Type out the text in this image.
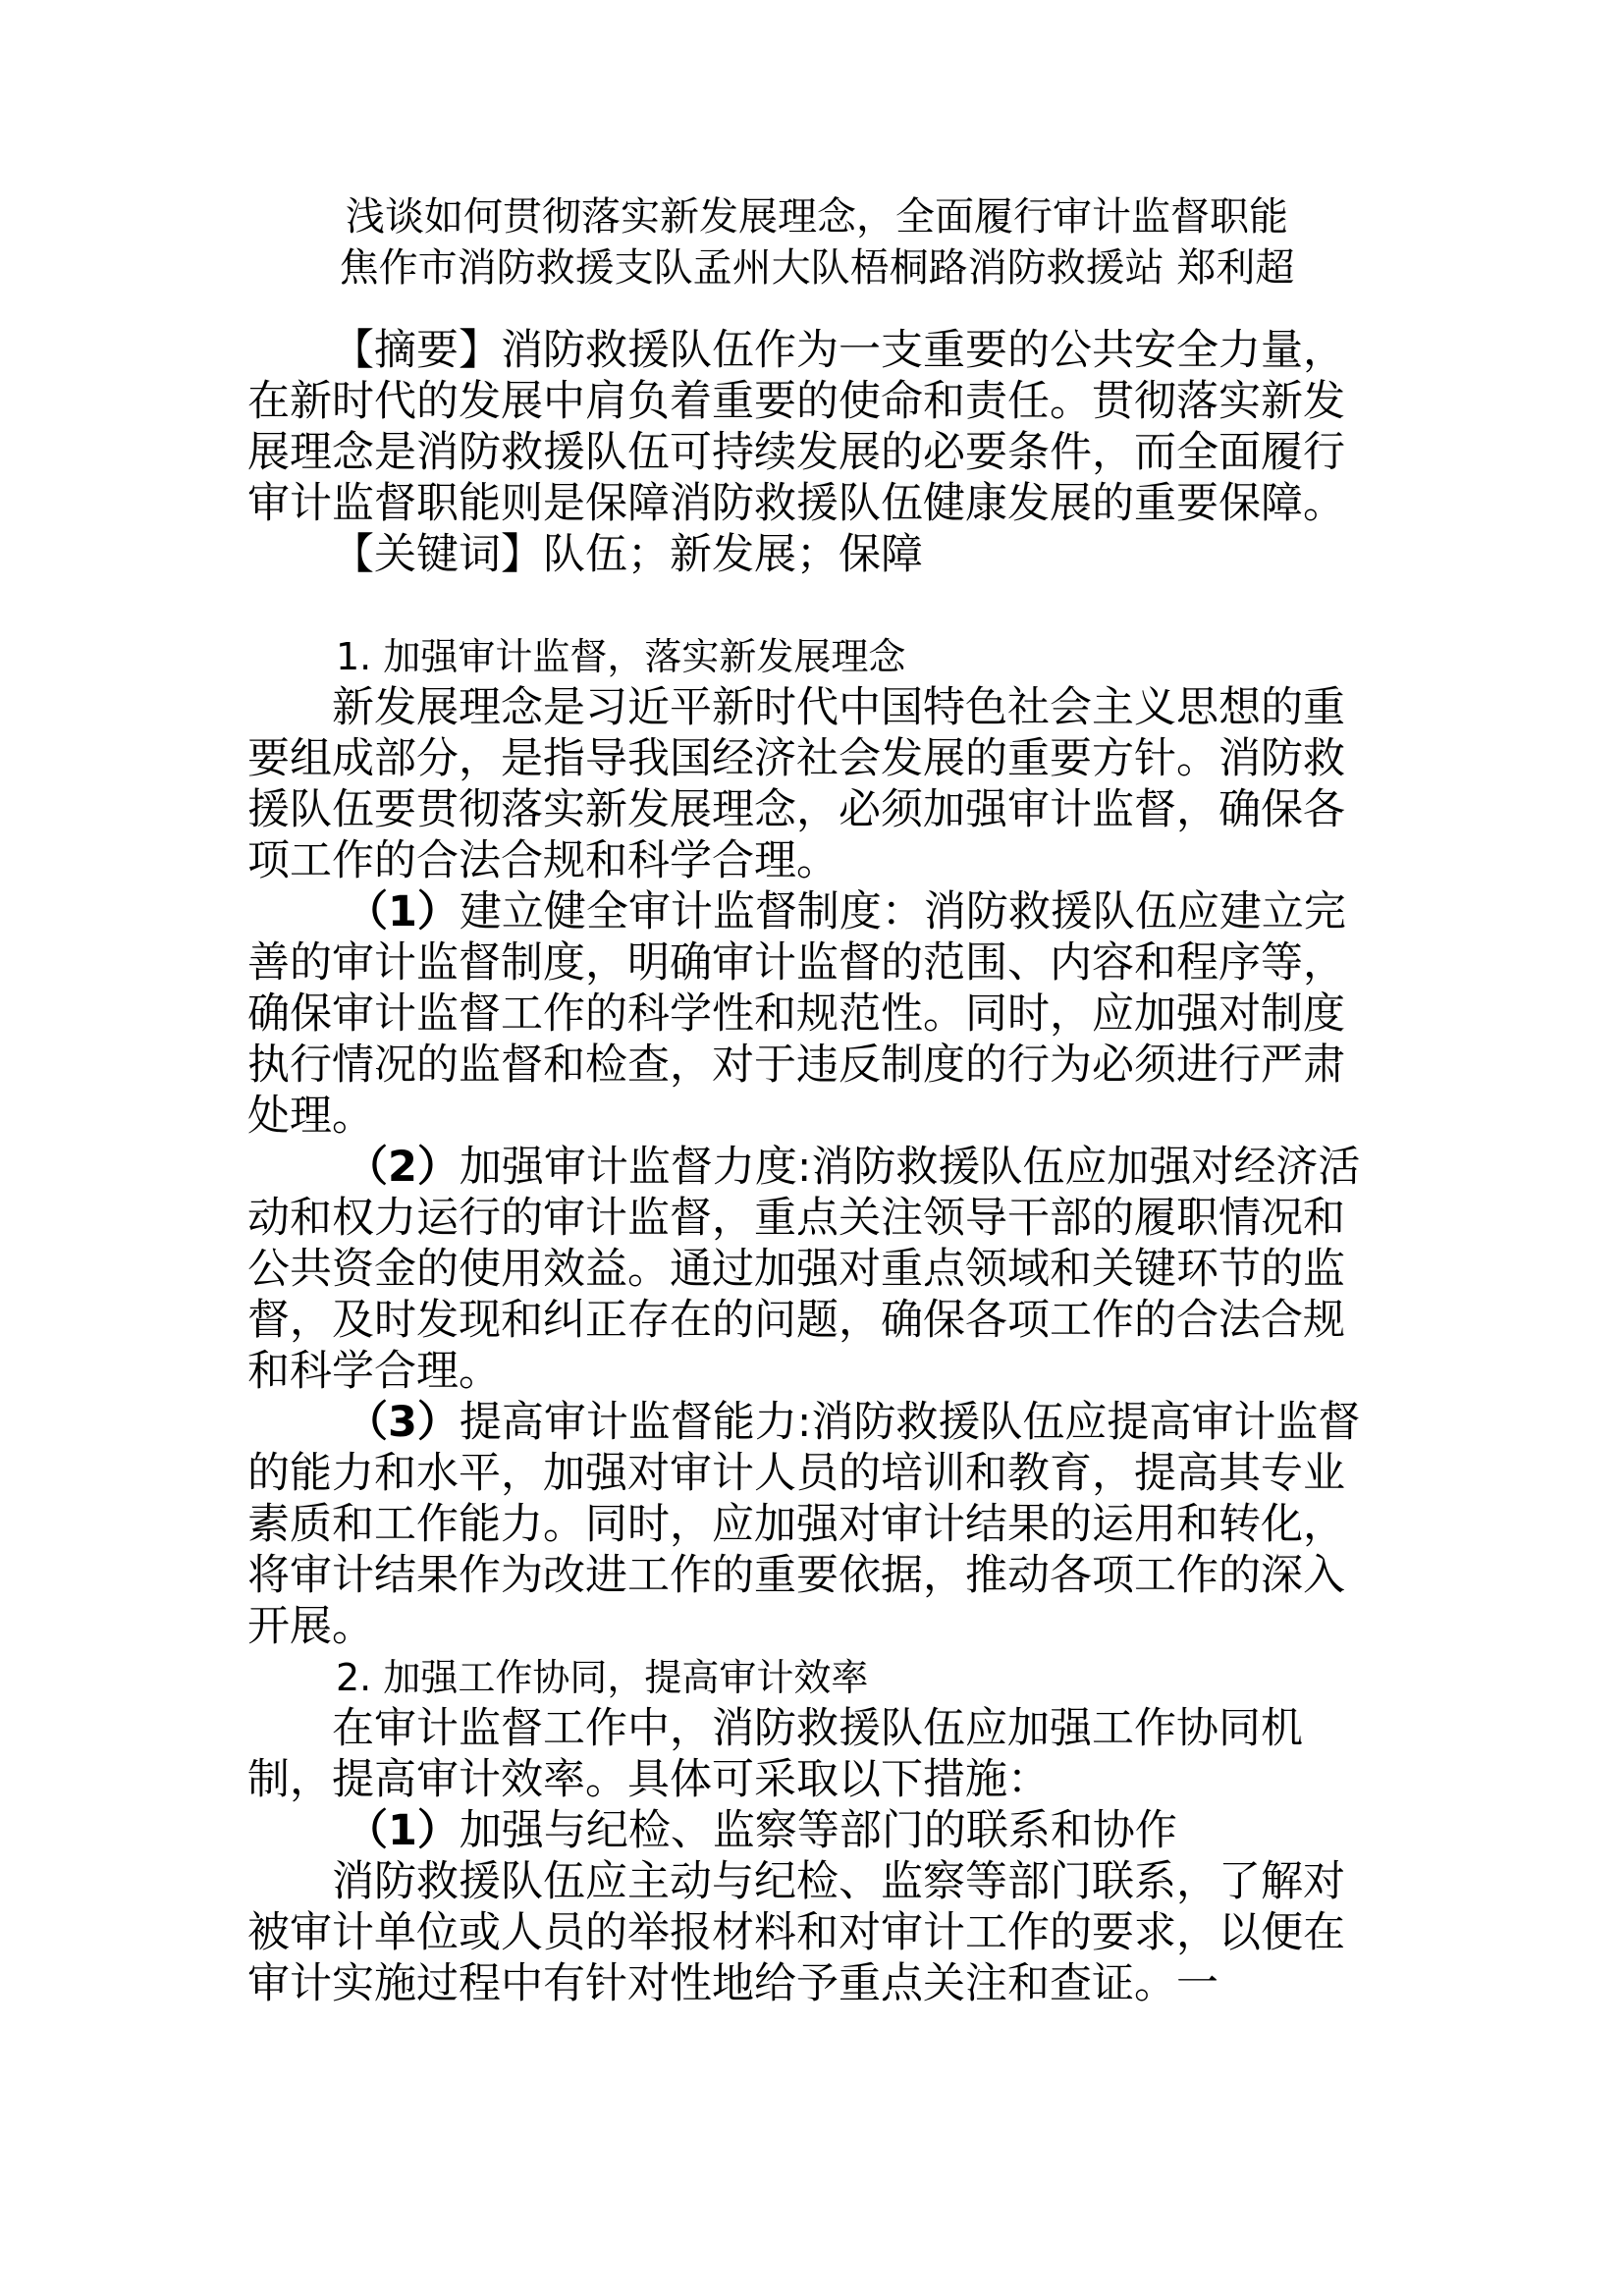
浅谈如何贯彻落实新发展理念，全面履行审计监督职能
焦作市消防救援支队孟州大队梧桐路消防救援站 郑利超

【摘要】消防救援队伍作为一支重要的公共安全力量，在新时代的发展中肩负着重要的使命和责任。贯彻落实新发展理念是消防救援队伍可持续发展的必要条件，而全面履行审计监督职能则是保障消防救援队伍健康发展的重要保障。

【关键词】队伍；新发展；保障

1. 加强审计监督，落实新发展理念

新发展理念是习近平新时代中国特色社会主义思想的重要组成部分，是指导我国经济社会发展的重要方针。消防救援队伍要贯彻落实新发展理念，必须加强审计监督，确保各项工作的合法合规和科学合理。

（1）建立健全审计监督制度：消防救援队伍应建立完善的审计监督制度，明确审计监督的范围、内容和程序等，确保审计监督工作的科学性和规范性。同时，应加强对制度执行情况的监督和检查，对于违反制度的行为必须进行严肃处理。

（2）加强审计监督力度:消防救援队伍应加强对经济活动和权力运行的审计监督，重点关注领导干部的履职情况和公共资金的使用效益。通过加强对重点领域和关键环节的监督，及时发现和纠正存在的问题，确保各项工作的合法合规和科学合理。

（3）提高审计监督能力:消防救援队伍应提高审计监督的能力和水平，加强对审计人员的培训和教育，提高其专业素质和工作能力。同时，应加强对审计结果的运用和转化，将审计结果作为改进工作的重要依据，推动各项工作的深入开展。

2. 加强工作协同，提高审计效率

在审计监督工作中，消防救援队伍应加强工作协同机制，提高审计效率。具体可采取以下措施：

（1）加强与纪检、监察等部门的联系和协作

消防救援队伍应主动与纪检、监察等部门联系，了解对被审计单位或人员的举报材料和对审计工作的要求，以便在审计实施过程中有针对性地给予重点关注和查证。一
